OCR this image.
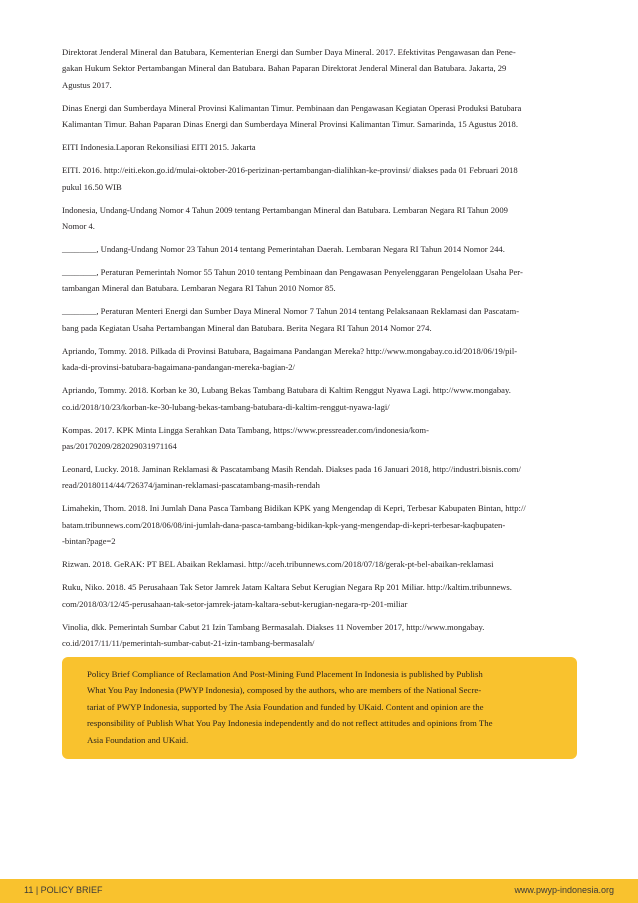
Direktorat Jenderal Mineral dan Batubara, Kementerian Energi dan Sumber Daya Mineral. 2017. Efektivitas Pengawasan dan Pene-
gakan Hukum Sektor Pertambangan Mineral dan Batubara. Bahan Paparan Direktorat Jenderal Mineral dan Batubara. Jakarta, 29
Agustus 2017.
Dinas Energi dan Sumberdaya Mineral Provinsi Kalimantan Timur. Pembinaan dan Pengawasan Kegiatan Operasi Produksi Batubara
Kalimantan Timur. Bahan Paparan Dinas Energi dan Sumberdaya Mineral Provinsi Kalimantan Timur. Samarinda, 15 Agustus 2018.
EITI Indonesia.Laporan Rekonsiliasi EITI 2015. Jakarta
EITI. 2016. http://eiti.ekon.go.id/mulai-oktober-2016-perizinan-pertambangan-dialihkan-ke-provinsi/ diakses pada 01 Februari 2018
pukul 16.50 WIB
Indonesia, Undang-Undang Nomor 4 Tahun 2009 tentang Pertambangan Mineral dan Batubara. Lembaran Negara RI Tahun 2009
Nomor 4.
________, Undang-Undang Nomor 23 Tahun 2014 tentang Pemerintahan Daerah. Lembaran Negara RI Tahun 2014 Nomor 244.
________, Peraturan Pemerintah Nomor 55 Tahun 2010 tentang Pembinaan dan Pengawasan Penyelenggaran Pengelolaan Usaha Per-
tambangan Mineral dan Batubara. Lembaran Negara RI Tahun 2010 Nomor 85.
________, Peraturan Menteri Energi dan Sumber Daya Mineral Nomor 7 Tahun 2014 tentang Pelaksanaan Reklamasi dan Pascatam-
bang pada Kegiatan Usaha Pertambangan Mineral dan Batubara. Berita Negara RI Tahun 2014 Nomor 274.
Apriando, Tommy. 2018. Pilkada di Provinsi Batubara, Bagaimana Pandangan Mereka? http://www.mongabay.co.id/2018/06/19/pil-
kada-di-provinsi-batubara-bagaimana-pandangan-mereka-bagian-2/
Apriando, Tommy. 2018. Korban ke 30, Lubang Bekas Tambang Batubara di Kaltim Renggut Nyawa Lagi. http://www.mongabay.
co.id/2018/10/23/korban-ke-30-lubang-bekas-tambang-batubara-di-kaltim-renggut-nyawa-lagi/
Kompas. 2017. KPK Minta Lingga Serahkan Data Tambang, https://www.pressreader.com/indonesia/kom-
pas/20170209/282029031971164
Leonard, Lucky. 2018. Jaminan Reklamasi & Pascatambang Masih Rendah. Diakses pada 16 Januari 2018, http://industri.bisnis.com/
read/20180114/44/726374/jaminan-reklamasi-pascatambang-masih-rendah
Limahekin, Thom. 2018. Ini Jumlah Dana Pasca Tambang Bidikan KPK yang Mengendap di Kepri, Terbesar Kabupaten Bintan, http://
batam.tribunnews.com/2018/06/08/ini-jumlah-dana-pasca-tambang-bidikan-kpk-yang-mengendap-di-kepri-terbesar-kaqbupaten-
-bintan?page=2
Rizwan. 2018. GeRAK: PT BEL Abaikan Reklamasi. http://aceh.tribunnews.com/2018/07/18/gerak-pt-bel-abaikan-reklamasi
Ruku, Niko. 2018. 45 Perusahaan Tak Setor Jamrek Jatam Kaltara Sebut Kerugian Negara Rp 201 Miliar. http://kaltim.tribunnews.
com/2018/03/12/45-perusahaan-tak-setor-jamrek-jatam-kaltara-sebut-kerugian-negara-rp-201-miliar
Vinolia, dkk. Pemerintah Sumbar Cabut 21 Izin Tambang Bermasalah. Diakses 11 November 2017, http://www.mongabay.
co.id/2017/11/11/pemerintah-sumbar-cabut-21-izin-tambang-bermasalah/
Policy Brief Compliance of Reclamation And Post-Mining Fund Placement In Indonesia is published by Publish
What You Pay Indonesia (PWYP Indonesia), composed by the authors, who are members of the National Secre-
tariat of PWYP Indonesia, supported by The Asia Foundation and funded by UKaid. Content and opinion are the
responsibility of Publish What You Pay Indonesia independently and do not reflect attitudes and opinions from The
Asia Foundation and UKaid.
11 | POLICY BRIEF	www.pwyp-indonesia.org
